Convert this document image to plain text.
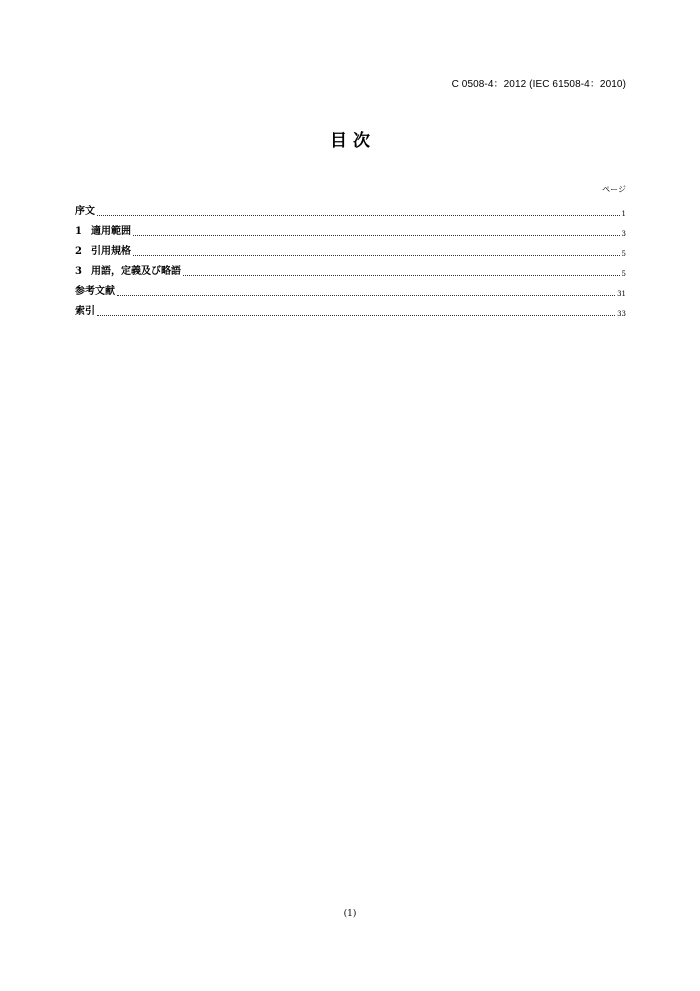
C 0508-4：2012 (IEC 61508-4：2010)
目 次
ページ
序文	1
1 適用範囲	3
2 引用規格	5
3 用語，定義及び略語	5
参考文献	31
索引	33
(1)
